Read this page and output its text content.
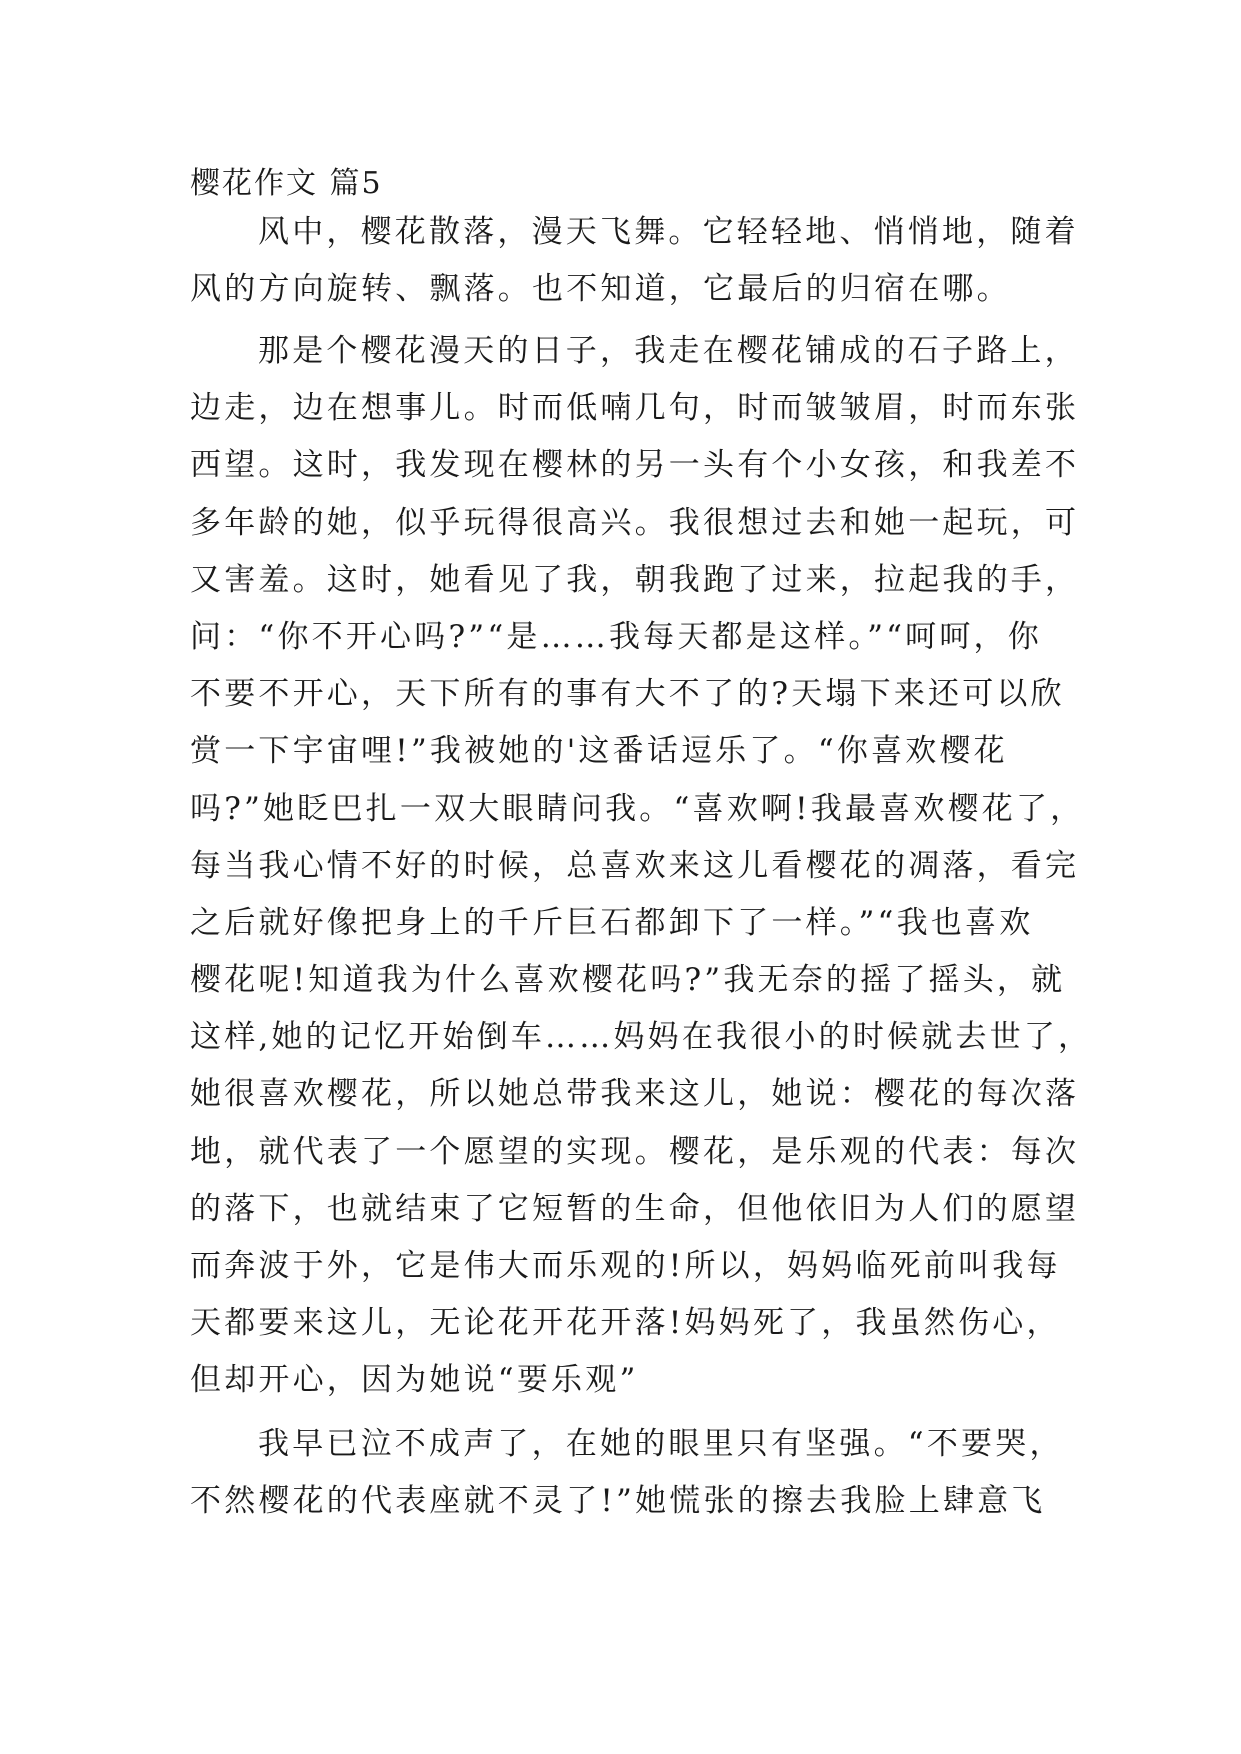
樱花作文 篇5
风中，樱花散落，漫天飞舞。它轻轻地、悄悄地，随着
风的方向旋转、飘落。也不知道，它最后的归宿在哪。
那是个樱花漫天的日子，我走在樱花铺成的石子路上，
边走，边在想事儿。时而低喃几句，时而皱皱眉，时而东张
西望。这时，我发现在樱林的另一头有个小女孩，和我差不
多年龄的她，似乎玩得很高兴。我很想过去和她一起玩，可
又害羞。这时，她看见了我，朝我跑了过来，拉起我的手，
问：“你不开心吗?”“是……我每天都是这样。”“呵呵，你
不要不开心，天下所有的事有大不了的?天塌下来还可以欣
赏一下宇宙哩!”我被她的'这番话逗乐了。“你喜欢樱花
吗?”她眨巴扎一双大眼睛问我。“喜欢啊!我最喜欢樱花了，
每当我心情不好的时候，总喜欢来这儿看樱花的凋落，看完
之后就好像把身上的千斤巨石都卸下了一样。”“我也喜欢
樱花呢!知道我为什么喜欢樱花吗?”我无奈的摇了摇头，就
这样,她的记忆开始倒车……妈妈在我很小的时候就去世了，
她很喜欢樱花，所以她总带我来这儿，她说：樱花的每次落
地，就代表了一个愿望的实现。樱花，是乐观的代表：每次
的落下，也就结束了它短暂的生命，但他依旧为人们的愿望
而奔波于外，它是伟大而乐观的!所以，妈妈临死前叫我每
天都要来这儿，无论花开花开落!妈妈死了，我虽然伤心，
但却开心，因为她说“要乐观”
我早已泣不成声了，在她的眼里只有坚强。“不要哭，
不然樱花的代表座就不灵了!”她慌张的擦去我脸上肆意飞
